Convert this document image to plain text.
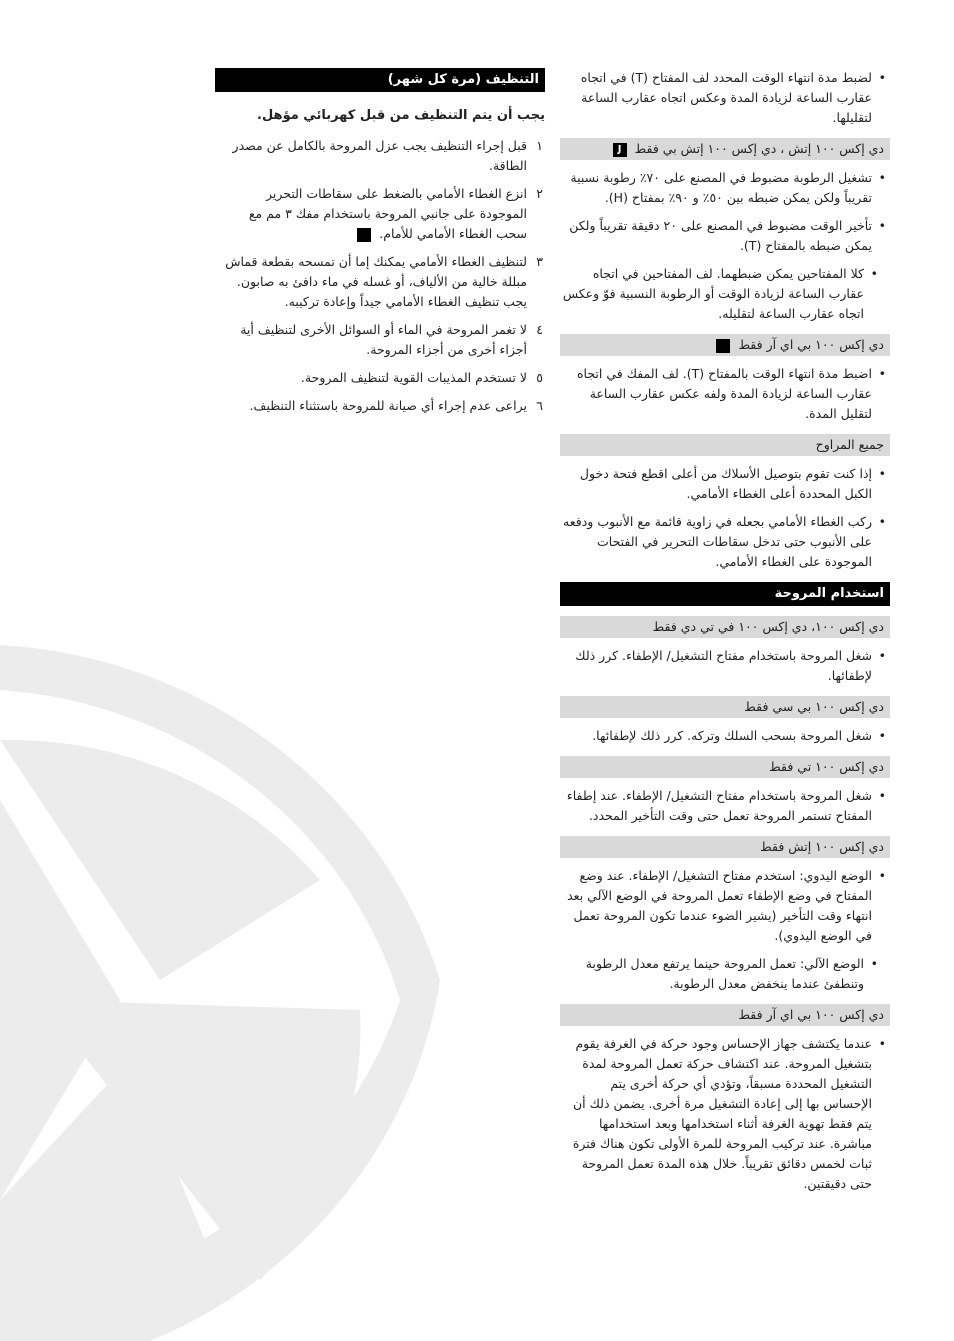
• لضبط مدة انتهاء الوقت المحدد لف المفتاح (T) في اتجاه عقارب الساعة لزيادة المدة وعكس اتجاه عقارب الساعة لتقليلها.
دي إكس ١٠٠ إتش ، دي إكس ١٠٠ إتش بي فقط J
• تشغيل الرطوبة مضبوط في المصنع على ٧٠٪ رطوبة نسبية تقريباً ولكن يمكن ضبطه بين ٥٠٪ و ٩٠٪ بمفتاح (H).
• تأخير الوقت مضبوط في المصنع على ٢٠ دقيقة تقريباً ولكن يمكن ضبطه بالمفتاح (T).
• كلا المفتاحين يمكن ضبطهما. لف المفتاحين في اتجاه عقارب الساعة لزيادة الوقت أو الرطوبة النسبية فوّ وعكس اتجاه عقارب الساعة لتقليله.
دي إكس ١٠٠ بي اي آر فقط
• اضبط مدة انتهاء الوقت بالمفتاح (T). لف المفك في اتجاه عقارب الساعة لزيادة المدة ولفه عكس عقارب الساعة لتقليل المدة.
جميع المراوح
• إذا كنت تقوم بتوصيل الأسلاك من أعلى اقطع فتحة دخول الكبل المحددة أعلى الغطاء الأمامي.
• ركب الغطاء الأمامي بجعله في زاوية قائمة مع الأنبوب ودفعه على الأنبوب حتى تدخل سقاطات التحرير في الفتحات الموجودة على الغطاء الأمامي.
استخدام المروحة
دي إكس ١٠٠، دي إكس ١٠٠ في تي دي فقط
• شغل المروحة باستخدام مفتاح التشغيل/ الإطفاء. كرر ذلك لإطفائها.
دي إكس ١٠٠ بي سي فقط
• شغل المروحة بسحب السلك وتركه. كرر ذلك لإطفائها.
دي إكس ١٠٠ تي فقط
• شغل المروحة باستخدام مفتاح التشغيل/ الإطفاء. عند إطفاء المفتاح تستمر المروحة تعمل حتى وقت التأخير المحدد.
دي إكس ١٠٠ إتش فقط
• الوضع اليدوي: استخدم مفتاح التشغيل/ الإطفاء. عند وضع المفتاح في وضع الإطفاء تعمل المروحة في الوضع الآلي بعد انتهاء وقت التأخير (يشير الضوء عندما تكون المروحة تعمل في الوضع اليدوي).
• الوضع الآلي: تعمل المروحة حينما يرتفع معدل الرطوبة وتنطفئ عندما ينخفض معدل الرطوبة.
دي إكس ١٠٠ بي اي آر فقط
• عندما يكتشف جهاز الإحساس وجود حركة في الغرفة يقوم بتشغيل المروحة. عند اكتشاف حركة تعمل المروحة لمدة التشغيل المحددة مسبقاً، وتؤدي أي حركة أخرى يتم الإحساس بها إلى إعادة التشغيل مرة أخرى. يضمن ذلك أن يتم فقط تهوية الغرفة أثناء استخدامها وبعد استخدامها مباشرة. عند تركيب المروحة للمرة الأولى تكون هناك فترة ثبات لخمس دقائق تقريباً. خلال هذه المدة تعمل المروحة حتى دقيقتين.
التنظيف (مرة كل شهر)
يجب أن يتم التنظيف من قبل كهربائي مؤهل.
١
قبل إجراء التنظيف يجب عزل المروحة بالكامل عن مصدر الطاقة.
٢
انزع الغطاء الأمامي بالضغط على سقاطات التحرير الموجودة على جانبي المروحة باستخدام مفك ٣ مم مع سحب الغطاء الأمامي للأمام.
٣
لتنظيف الغطاء الأمامي يمكنك إما أن تمسحه بقطعة قماش مبللة خالية من الألياف، أو غسله في ماء دافئ به صابون. يجب تنظيف الغطاء الأمامي جيداً وإعادة تركيبه.
٤
لا تغمر المروحة في الماء أو السوائل الأخرى لتنظيف أية أجزاء أخرى من أجزاء المروحة.
٥
لا تستخدم المذيبات القوية لتنظيف المروحة.
٦
يراعى عدم إجراء أي صيانة للمروحة باستثناء التنظيف.
